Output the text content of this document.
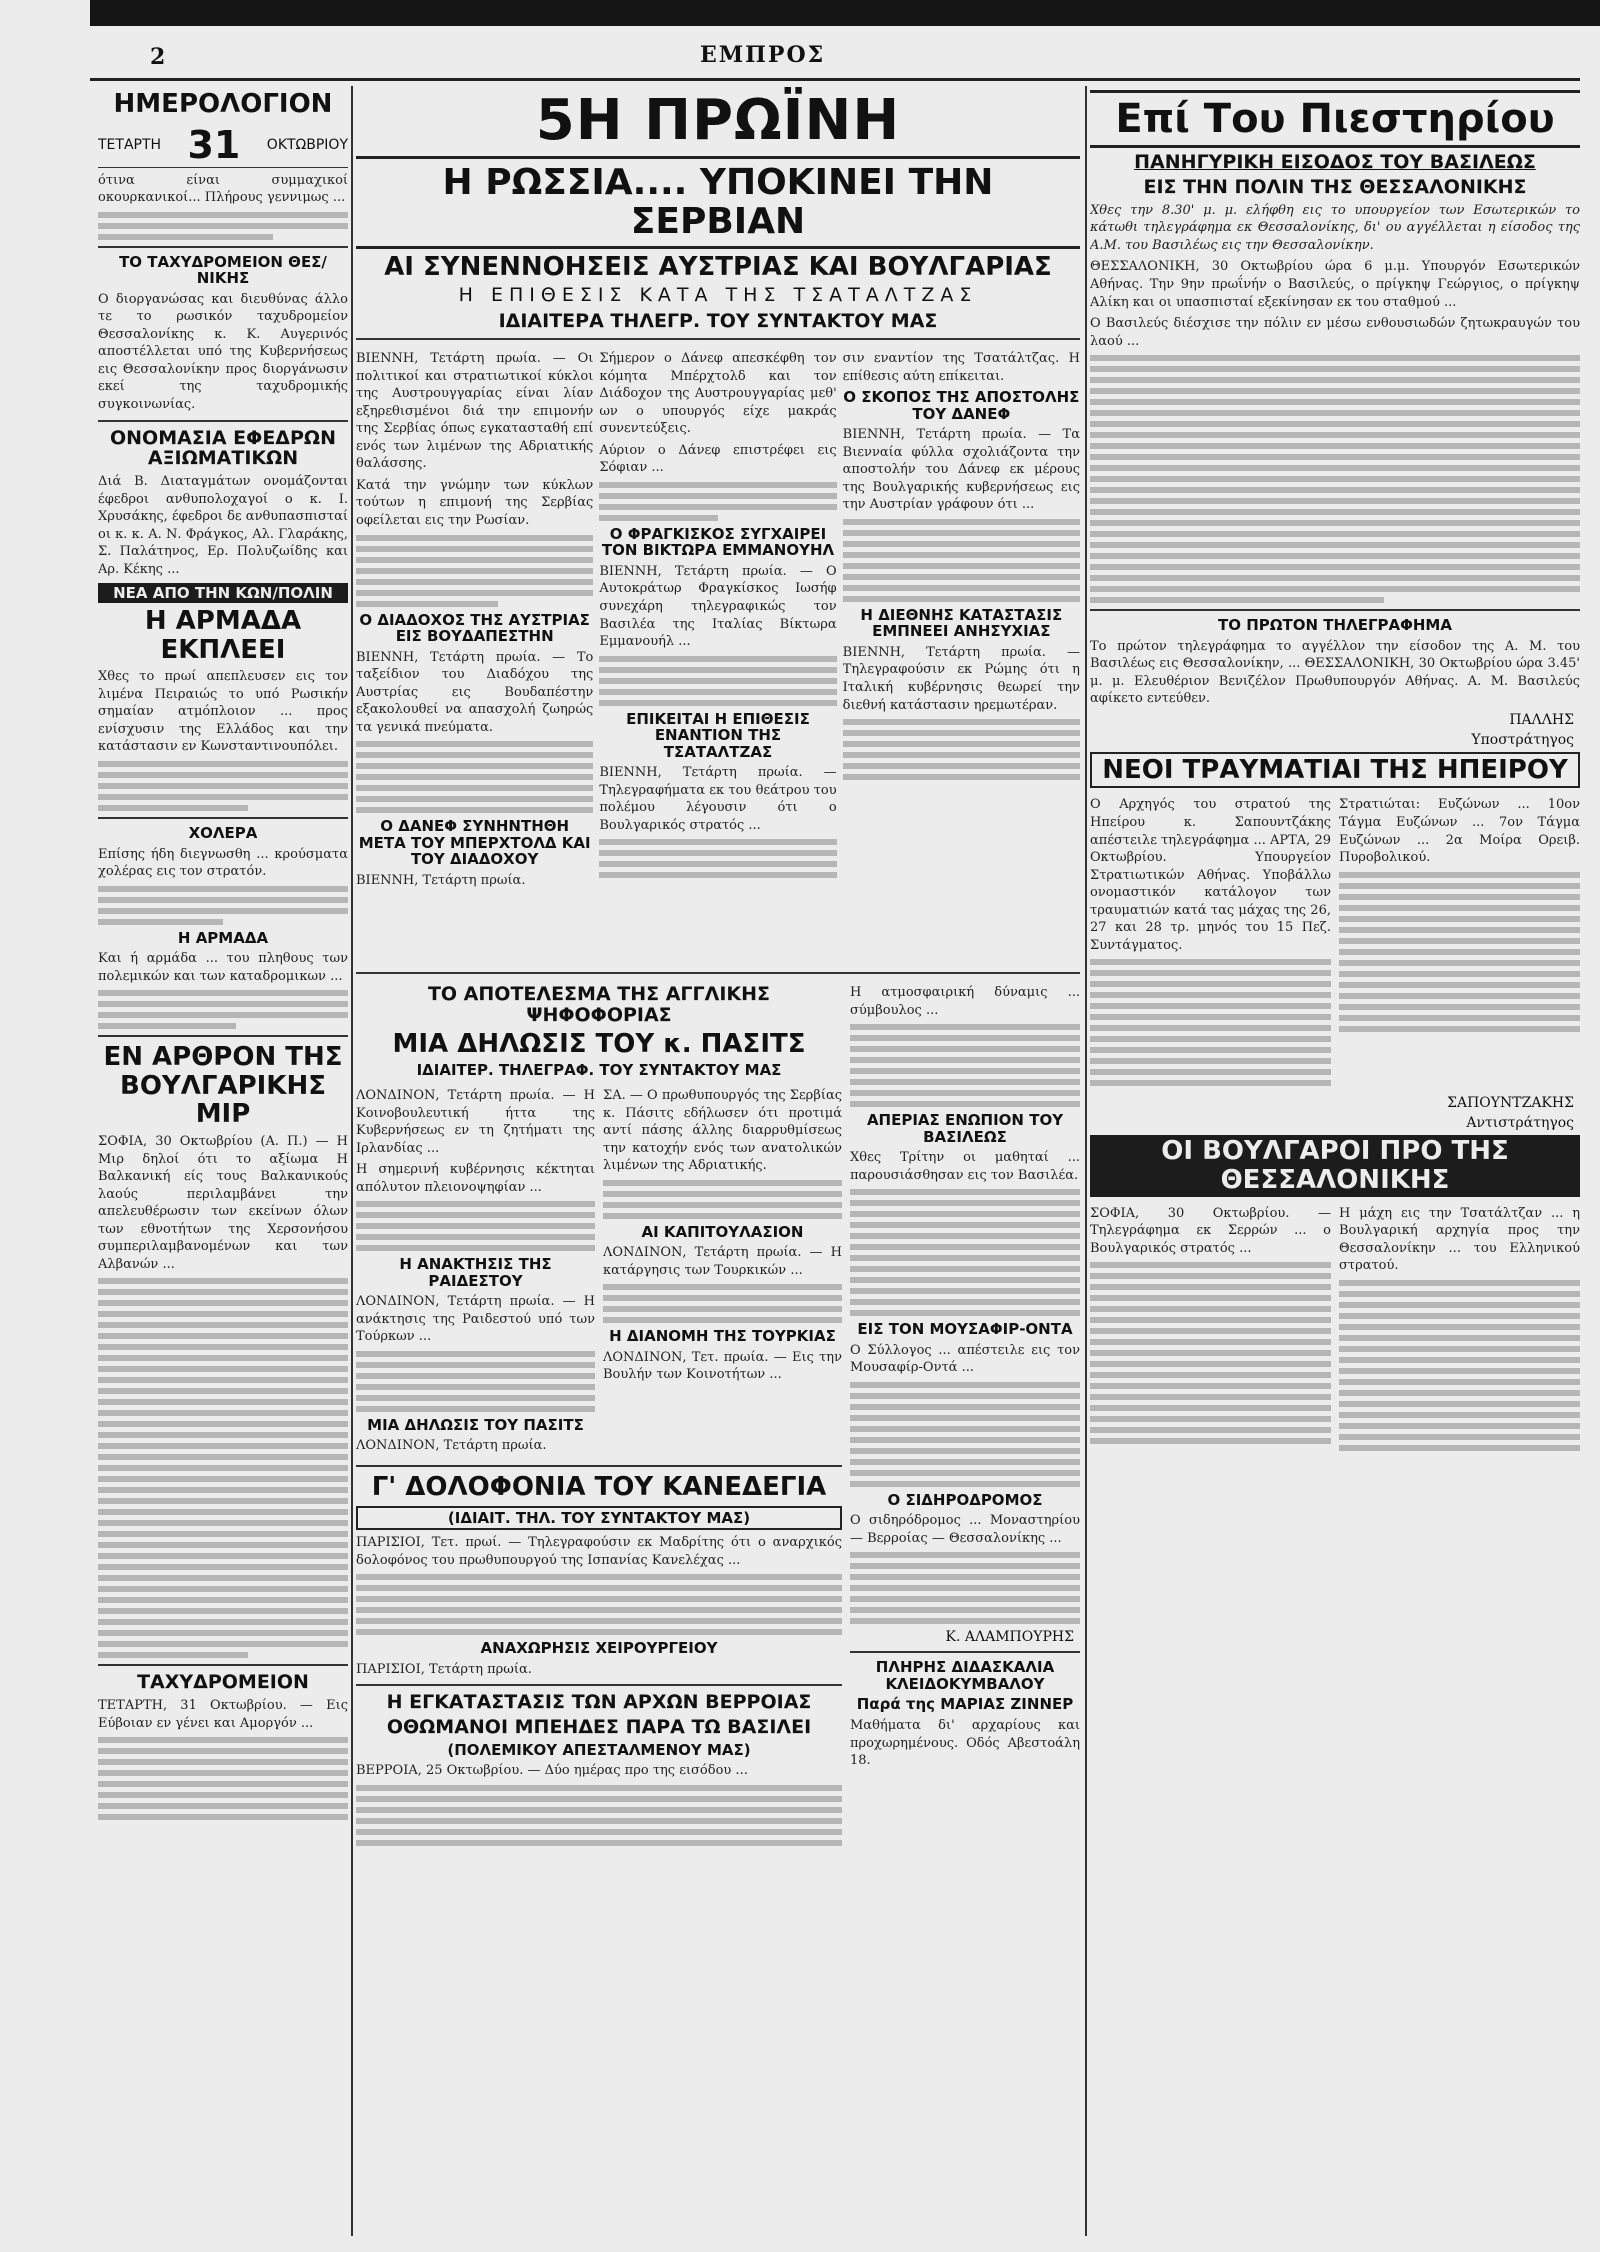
2	ΕΜΠΡΟΣ
ΗΜΕΡΟΛΟΓΙΟΝ
ΤΕΤΑΡΤΗ 31 ΟΚΤΩΒΡΙΟΥ

ότινα είναι συμμαχικοί οκουρκανικοί... Πλήρους γεννιμως ...

ΤΟ ΤΑΧΥΔΡΟΜΕΙΟΝ ΘΕΣ/ΝΙΚΗΣ

Ο διοργανώσας και διευθύνας άλλο τε το ρωσικόν ταχυδρομείον Θεσσαλονίκης κ. Κ. Αυγερινός αποστέλλεται υπό της Κυβερνήσεως εις Θεσσαλονίκην προς διοργάνωσιν εκεί της ταχυδρομικής συγκοινωνίας.

ΟΝΟΜΑΣΙΑ ΕΦΕΔΡΩΝ ΑΞΙΩΜΑΤΙΚΩΝ

Διά Β. Διαταγμάτων ονομάζονται έφεδροι ανθυπολοχαγοί ο κ. Ι. Χρυσάκης, έφεδροι δε ανθυπασπισταί οι κ. κ. Α. Ν. Φράγκος, Αλ. Γλαράκης, Σ. Παλάτηνος, Ερ. Πολυζωίδης και Αρ. Κέκης ...

ΝΕΑ ΑΠΟ ΤΗΝ ΚΩΝ/ΠΟΛΙΝ
Η ΑΡΜΑΔΑ ΕΚΠΛΕΕΙ

Χθες το πρωί απεπλευσεν εις τον λιμένα Πειραιώς το υπό Ρωσικήν σημαίαν ατμόπλοιον ... προς ενίσχυσιν της Ελλάδος και την κατάστασιν εν Κωνσταντινουπόλει.

ΧΟΛΕΡΑ

Επίσης ήδη διεγνωσθη ... κρούσματα χολέρας εις τον στρατόν.

Η ΑΡΜΑΔΑ

Και ή αρμάδα ... του πληθους των πολεμικών και των καταδρομικων ...

ΕΝ ΑΡΘΡΟΝ ΤΗΣ ΒΟΥΛΓΑΡΙΚΗΣ ΜΙΡ

ΣΟΦΙΑ, 30 Οκτωβρίου (Α. Π.) — Η Μιρ δηλοί ότι το αξίωμα Η Βαλκανική είς τους Βαλκανικούς λαούς περιλαμβάνει την απελευθέρωσιν των εκείνων όλων των εθνοτήτων της Χερσονήσου συμπεριλαμβανομένων και των Αλβανών ...

ΤΑΧΥΔΡΟΜΕΙΟΝ

ΤΕΤΑΡΤΗ, 31 Οκτωβρίου. — Εις Εύβοιαν εν γένει και Αμοργόν ...

5Η ΠΡΩΪΝΗ
Η ΡΩΣΣΙΑ.... ΥΠΟΚΙΝΕΙ ΤΗΝ ΣΕΡΒΙΑΝ
ΑΙ ΣΥΝΕΝΝΟΗΣΕΙΣ ΑΥΣΤΡΙΑΣ ΚΑΙ ΒΟΥΛΓΑΡΙΑΣ
Η ΕΠΙΘΕΣΙΣ ΚΑΤΑ ΤΗΣ ΤΣΑΤΑΛΤΖΑΣ
ΙΔΙΑΙΤΕΡΑ ΤΗΛΕΓΡ. ΤΟΥ ΣΥΝΤΑΚΤΟΥ ΜΑΣ

ΒΙΕΝΝΗ, Τετάρτη πρωία. — Οι πολιτικοί και στρατιωτικοί κύκλοι της Αυστρουγγαρίας είναι λίαν εξηρεθισμένοι διά την επιμονήν της Σερβίας όπως εγκατασταθή επί ενός των λιμένων της Αδριατικής θαλάσσης.

Κατά την γνώμην των κύκλων τούτων η επιμονή της Σερβίας οφείλεται εις την Ρωσίαν.

Ο ΔΙΑΔΟΧΟΣ ΤΗΣ ΑΥΣΤΡΙΑΣ ΕΙΣ ΒΟΥΔΑΠΕΣΤΗΝ

ΒΙΕΝΝΗ, Τετάρτη πρωία. — Το ταξείδιον του Διαδόχου της Αυστρίας εις Βουδαπέστην εξακολουθεί να απασχολή ζωηρώς τα γενικά πνεύματα.

Ο ΔΑΝΕΦ ΣΥΝΗΝΤΗΘΗ ΜΕΤΑ ΤΟΥ ΜΠΕΡΧΤΟΛΔ ΚΑΙ ΤΟΥ ΔΙΑΔΟΧΟΥ

ΒΙΕΝΝΗ, Τετάρτη πρωία.

Σήμερον ο Δάνεφ απεσκέφθη τον κόμητα Μπέρχτολδ και τον Διάδοχον της Αυστρουγγαρίας μεθ' ων ο υπουργός είχε μακράς συνεντεύξεις.

Αύριον ο Δάνεφ επιστρέφει εις Σόφιαν ...

Ο ΦΡΑΓΚΙΣΚΟΣ ΣΥΓΧΑΙΡΕΙ ΤΟΝ ΒΙΚΤΩΡΑ ΕΜΜΑΝΟΥΗΛ

ΒΙΕΝΝΗ, Τετάρτη πρωία. — Ο Αυτοκράτωρ Φραγκίσκος Ιωσήφ συνεχάρη τηλεγραφικώς τον Βασιλέα της Ιταλίας Βίκτωρα Εμμανουήλ ...

ΕΠΙΚΕΙΤΑΙ Η ΕΠΙΘΕΣΙΣ ΕΝΑΝΤΙΟΝ ΤΗΣ ΤΣΑΤΑΛΤΖΑΣ

ΒΙΕΝΝΗ, Τετάρτη πρωία. — Τηλεγραφήματα εκ του θεάτρου του πολέμου λέγουσιν ότι ο Βουλγαρικός στρατός ...

σιν εναντίον της Τσατάλτζας. Η επίθεσις αύτη επίκειται.

Ο ΣΚΟΠΟΣ ΤΗΣ ΑΠΟΣΤΟΛΗΣ ΤΟΥ ΔΑΝΕΦ

ΒΙΕΝΝΗ, Τετάρτη πρωία. — Τα Βιενναία φύλλα σχολιάζοντα την αποστολήν του Δάνεφ εκ μέρους της Βουλγαρικής κυβερνήσεως εις την Αυστρίαν γράφουν ότι ...

Η ΔΙΕΘΝΗΣ ΚΑΤΑΣΤΑΣΙΣ ΕΜΠΝΕΕΙ ΑΝΗΣΥΧΙΑΣ

ΒΙΕΝΝΗ, Τετάρτη πρωία. — Τηλεγραφούσιν εκ Ρώμης ότι η Ιταλική κυβέρνησις θεωρεί την διεθνή κατάστασιν ηρεμωτέραν.

ΤΟ ΑΠΟΤΕΛΕΣΜΑ ΤΗΣ ΑΓΓΛΙΚΗΣ ΨΗΦΟΦΟΡΙΑΣ
ΜΙΑ ΔΗΛΩΣΙΣ ΤΟΥ κ. ΠΑΣΙΤΣ
ΙΔΙΑΙΤΕΡ. ΤΗΛΕΓΡΑΦ. ΤΟΥ ΣΥΝΤΑΚΤΟΥ ΜΑΣ

ΛΟΝΔΙΝΟΝ, Τετάρτη πρωία. — Η Κοινοβουλευτική ήττα της Κυβερνήσεως εν τη ζητήματι της Ιρλανδίας ...

Η σημερινή κυβέρνησις κέκτηται απόλυτον πλειονοψηφίαν ...

Η ΑΝΑΚΤΗΣΙΣ ΤΗΣ ΡΑΙΔΕΣΤΟΥ

ΛΟΝΔΙΝΟΝ, Τετάρτη πρωία. — Η ανάκτησις της Ραιδεστού υπό των Τούρκων ...

ΜΙΑ ΔΗΛΩΣΙΣ ΤΟΥ ΠΑΣΙΤΣ

ΛΟΝΔΙΝΟΝ, Τετάρτη πρωία.

ΣΑ. — Ο πρωθυπουργός της Σερβίας κ. Πάσιτς εδήλωσεν ότι προτιμά αντί πάσης άλλης διαρρυθμίσεως την κατοχήν ενός των ανατολικών λιμένων της Αδριατικής.

ΑΙ ΚΑΠΙΤΟΥΛΑΣΙΟΝ

ΛΟΝΔΙΝΟΝ, Τετάρτη πρωία. — Η κατάργησις των Τουρκικών ...

Η ΔΙΑΝΟΜΗ ΤΗΣ ΤΟΥΡΚΙΑΣ

ΛΟΝΔΙΝΟΝ, Τετ. πρωία. — Εις την Βουλήν των Κοινοτήτων ...

Γ' ΔΟΛΟΦΟΝΙΑ ΤΟΥ ΚΑΝΕΔΕΓΙΑ
(ΙΔΙΑΙΤ. ΤΗΛ. ΤΟΥ ΣΥΝΤΑΚΤΟΥ ΜΑΣ)

ΠΑΡΙΣΙΟΙ, Τετ. πρωί. — Τηλεγραφούσιν εκ Μαδρίτης ότι ο αναρχικός δολοφόνος του πρωθυπουργού της Ισπανίας Κανελέχας ...

ΑΝΑΧΩΡΗΣΙΣ ΧΕΙΡΟΥΡΓΕΙΟΥ

ΠΑΡΙΣΙΟΙ, Τετάρτη πρωία.

Η ΕΓΚΑΤΑΣΤΑΣΙΣ ΤΩΝ ΑΡΧΩΝ ΒΕΡΡΟΙΑΣ
ΟΘΩΜΑΝΟΙ ΜΠΕΗΔΕΣ ΠΑΡΑ ΤΩ ΒΑΣΙΛΕΙ
(ΠΟΛΕΜΙΚΟΥ ΑΠΕΣΤΑΛΜΕΝΟΥ ΜΑΣ)

ΒΕΡΡΟΙΑ, 25 Οκτωβρίου. — Δύο ημέρας προ της εισόδου ...

Η ατμοσφαιρική δύναμις ... σύμβουλος ...

ΑΠΕΡΙΑΣ ΕΝΩΠΙΟΝ ΤΟΥ ΒΑΣΙΛΕΩΣ

Χθες Τρίτην οι μαθηταί ... παρουσιάσθησαν εις τον Βασιλέα.

ΕΙΣ ΤΟΝ ΜΟΥΣΑΦΙΡ-ΟΝΤΑ

Ο Σύλλογος ... απέστειλε εις τον Μουσαφίρ-Οντά ...

Ο ΣΙΔΗΡΟΔΡΟΜΟΣ

Ο σιδηρόδρομος ... Μοναστηρίου — Βερροίας — Θεσσαλονίκης ...

Κ. ΑΛΑΜΠΟΥΡΗΣ
ΠΛΗΡΗΣ ΔΙΔΑΣΚΑΛΙΑ ΚΛΕΙΔΟΚΥΜΒΑΛΟΥ
Παρά της ΜΑΡΙΑΣ ΖΙΝΝΕΡ

Μαθήματα δι' αρχαρίους και προχωρημένους. Οδός Αβεστοάλη 18.

Επί Του Πιεστηρίου
ΠΑΝΗΓΥΡΙΚΗ ΕΙΣΟΔΟΣ ΤΟΥ ΒΑΣΙΛΕΩΣ
ΕΙΣ ΤΗΝ ΠΟΛΙΝ ΤΗΣ ΘΕΣΣΑΛΟΝΙΚΗΣ

Χθες την 8.30' μ. μ. ελήφθη εις το υπουργείον των Εσωτερικών το κάτωθι τηλεγράφημα εκ Θεσσαλονίκης, δι' ου αγγέλλεται η είσοδος της Α.Μ. του Βασιλέως εις την Θεσσαλονίκην.

ΘΕΣΣΑΛΟΝΙΚΗ, 30 Οκτωβρίου ώρα 6 μ.μ. Υπουργόν Εσωτερικών Αθήνας. Την 9ην πρωΐνήν ο Βασιλεύς, ο πρίγκηψ Γεώργιος, ο πρίγκηψ Αλίκη και οι υπασπισταί εξεκίνησαν εκ του σταθμού ...

Ο Βασιλεύς διέσχισε την πόλιν εν μέσω ενθουσιωδών ζητωκραυγών του λαού ...

ΤΟ ΠΡΩΤΟΝ ΤΗΛΕΓΡΑΦΗΜΑ

Το πρώτον τηλεγράφημα το αγγέλλον την είσοδον της Α. Μ. του Βασιλέως εις Θεσσαλονίκην, ... ΘΕΣΣΑΛΟΝΙΚΗ, 30 Οκτωβρίου ώρα 3.45' μ. μ. Ελευθέριον Βενιζέλον Πρωθυπουργόν Αθήνας. Α. Μ. Βασιλεύς αφίκετο εντεύθεν.

ΠΑΛΛΗΣ
Υποστράτηγος
ΝΕΟΙ ΤΡΑΥΜΑΤΙΑΙ ΤΗΣ ΗΠΕΙΡΟΥ

Ο Αρχηγός του στρατού της Ηπείρου κ. Σαπουντζάκης απέστειλε τηλεγράφημα ... ΑΡΤΑ, 29 Οκτωβρίου. Υπουργείον Στρατιωτικών Αθήνας. Υποβάλλω ονομαστικόν κατάλογον των τραυματιών κατά τας μάχας της 26, 27 και 28 τρ. μηνός του 15 Πεζ. Συντάγματος.

Στρατιώται: Ευζώνων ... 10ον Τάγμα Ευζώνων ... 7ον Τάγμα Ευζώνων ... 2α Μοίρα Ορειβ. Πυροβολικού.

ΣΑΠΟΥΝΤΖΑΚΗΣ
Αντιστράτηγος
ΟΙ ΒΟΥΛΓΑΡΟΙ ΠΡΟ ΤΗΣ ΘΕΣΣΑΛΟΝΙΚΗΣ

ΣΟΦΙΑ, 30 Οκτωβρίου. — Τηλεγράφημα εκ Σερρών ... ο Βουλγαρικός στρατός ...

Η μάχη εις την Τσατάλτζαν ... η Βουλγαρική αρχηγία προς την Θεσσαλονίκην ... του Ελληνικού στρατού.
